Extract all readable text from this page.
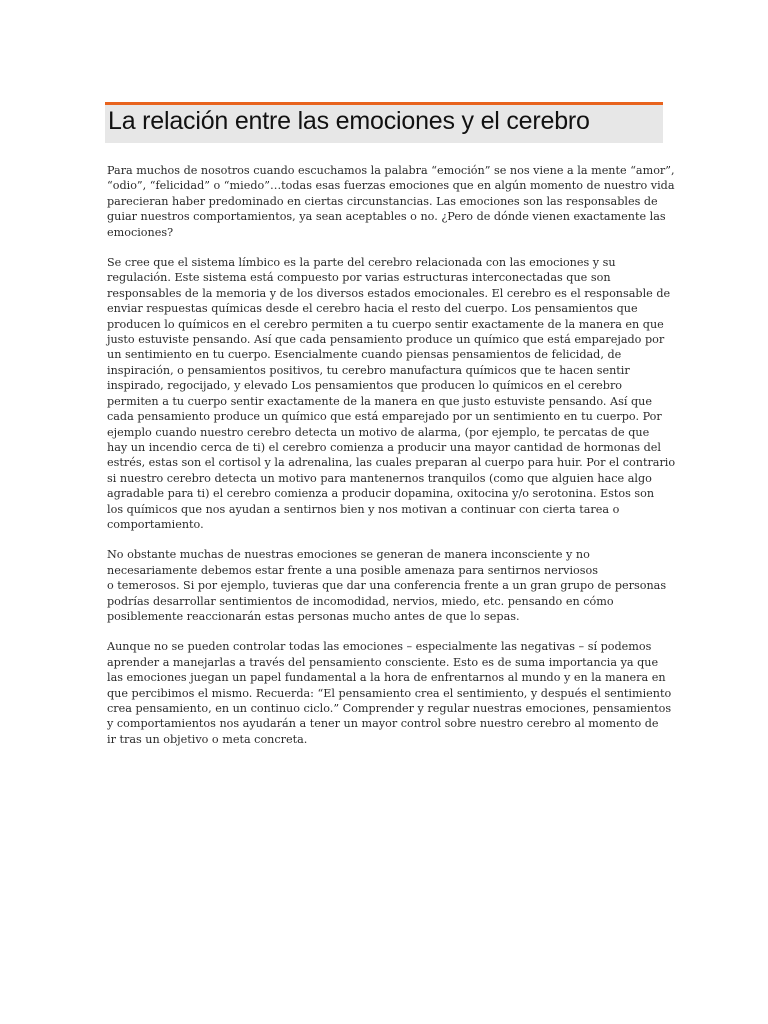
La relación entre las emociones y el cerebro
Para muchos de nosotros cuando escuchamos la palabra “emoción” se nos viene a la mente “amor”,
“odio”, “felicidad” o “miedo”…todas esas fuerzas emociones que en algún momento de nuestro vida
parecieran haber predominado en ciertas circunstancias. Las emociones son las responsables de
guiar nuestros comportamientos, ya sean aceptables o no. ¿Pero de dónde vienen exactamente las
emociones?
Se cree que el sistema límbico es la parte del cerebro relacionada con las emociones y su
regulación. Este sistema está compuesto por varias estructuras interconectadas que son
responsables de la memoria y de los diversos estados emocionales. El cerebro es el responsable de
enviar respuestas químicas desde el cerebro hacia el resto del cuerpo. Los pensamientos que
producen lo químicos en el cerebro permiten a tu cuerpo sentir exactamente de la manera en que
justo estuviste pensando. Así que cada pensamiento produce un químico que está emparejado por
un sentimiento en tu cuerpo. Esencialmente cuando piensas pensamientos de felicidad, de
inspiración, o pensamientos positivos, tu cerebro manufactura químicos que te hacen sentir
inspirado, regocijado, y elevado Los pensamientos que producen lo químicos en el cerebro
permiten a tu cuerpo sentir exactamente de la manera en que justo estuviste pensando. Así que
cada pensamiento produce un químico que está emparejado por un sentimiento en tu cuerpo. Por
ejemplo cuando nuestro cerebro detecta un motivo de alarma, (por ejemplo, te percatas de que
hay un incendio cerca de ti) el cerebro comienza a producir una mayor cantidad de hormonas del
estrés, estas son el cortisol y la adrenalina, las cuales preparan al cuerpo para huir. Por el contrario
si nuestro cerebro detecta un motivo para mantenernos tranquilos (como que alguien hace algo
agradable para ti) el cerebro comienza a producir dopamina, oxitocina y/o serotonina. Estos son
los químicos que nos ayudan a sentirnos bien y nos motivan a continuar con cierta tarea o
comportamiento.
No obstante muchas de nuestras emociones se generan de manera inconsciente y no
necesariamente debemos estar frente a una posible amenaza para sentirnos nerviosos
o temerosos. Si por ejemplo, tuvieras que dar una conferencia frente a un gran grupo de personas
podrías desarrollar sentimientos de incomodidad, nervios, miedo, etc. pensando en cómo
posiblemente reaccionarán estas personas mucho antes de que lo sepas.
Aunque no se pueden controlar todas las emociones – especialmente las negativas – sí podemos
aprender a manejarlas a través del pensamiento consciente. Esto es de suma importancia ya que
las emociones juegan un papel fundamental a la hora de enfrentarnos al mundo y en la manera en
que percibimos el mismo. Recuerda: “El pensamiento crea el sentimiento, y después el sentimiento
crea pensamiento, en un continuo ciclo.” Comprender y regular nuestras emociones, pensamientos
y comportamientos nos ayudarán a tener un mayor control sobre nuestro cerebro al momento de
ir tras un objetivo o meta concreta.
